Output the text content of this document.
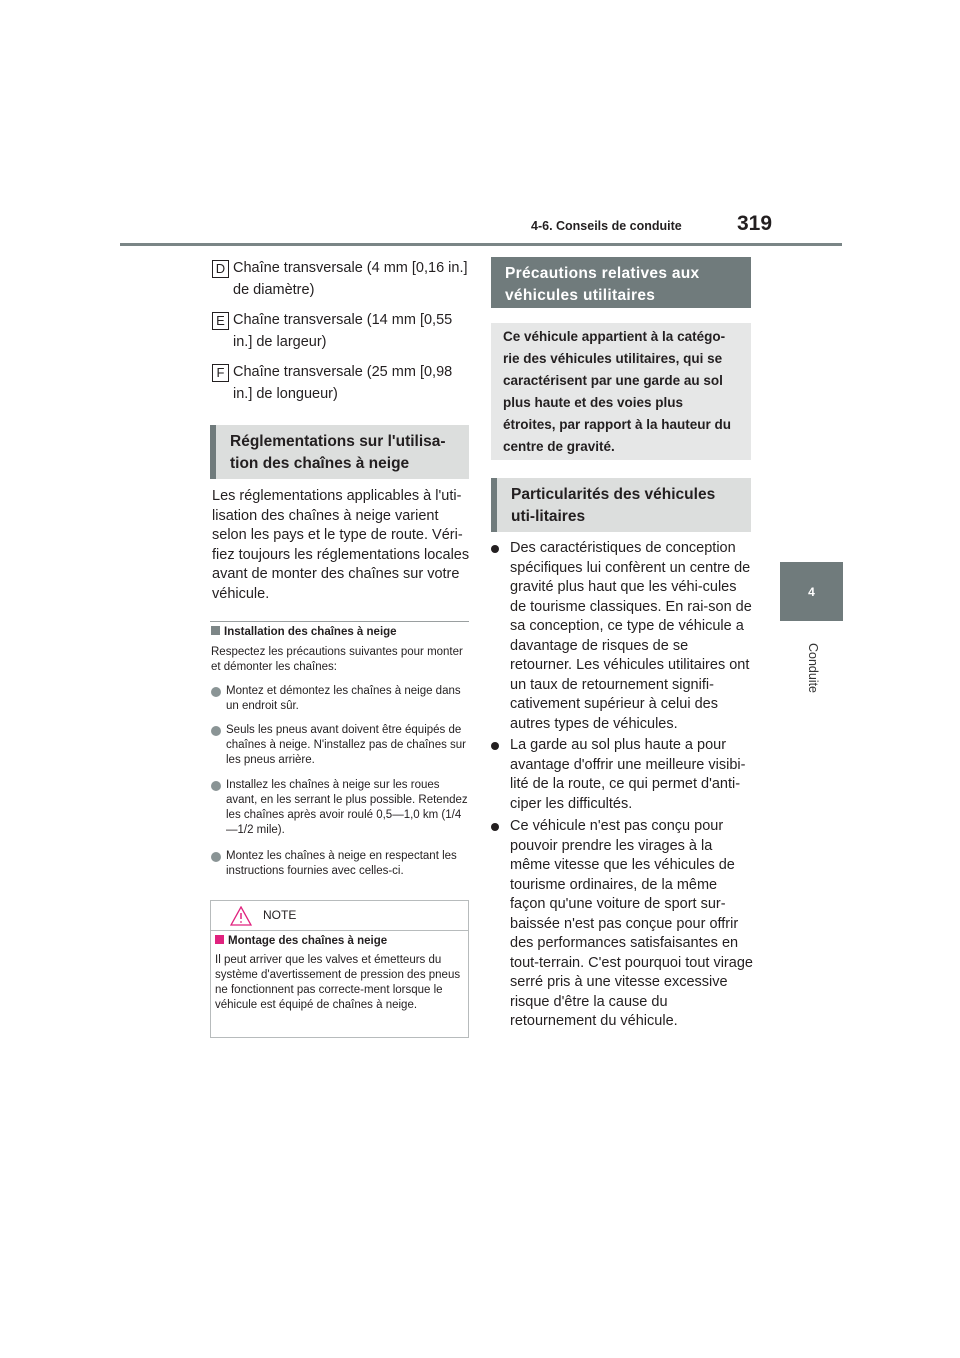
4-6. Conseils de conduite	319
4
Conduite
D Chaîne transversale (4 mm [0,16 in.] de diamètre)
E Chaîne transversale (14 mm [0,55 in.] de largeur)
F Chaîne transversale (25 mm [0,98 in.] de longueur)
Réglementations sur l'utilisa-tion des chaînes à neige
Les réglementations applicables à l'uti-lisation des chaînes à neige varient selon les pays et le type de route. Véri-fiez toujours les réglementations locales avant de monter des chaînes sur votre véhicule.
Installation des chaînes à neige
Respectez les précautions suivantes pour monter et démonter les chaînes:
Montez et démontez les chaînes à neige dans un endroit sûr.
Seuls les pneus avant doivent être équipés de chaînes à neige. N'installez pas de chaînes sur les pneus arrière.
Installez les chaînes à neige sur les roues avant, en les serrant le plus possible. Retendez les chaînes après avoir roulé 0,5—1,0 km (1/4—1/2 mile).
Montez les chaînes à neige en respectant les instructions fournies avec celles-ci.
NOTE
Montage des chaînes à neige
Il peut arriver que les valves et émetteurs du système d'avertissement de pression des pneus ne fonctionnent pas correcte-ment lorsque le véhicule est équipé de chaînes à neige.
Précautions relatives aux véhicules utilitaires
Ce véhicule appartient à la catégo-rie des véhicules utilitaires, qui se caractérisent par une garde au sol plus haute et des voies plus étroites, par rapport à la hauteur du centre de gravité.
Particularités des véhicules uti-litaires
Des caractéristiques de conception spécifiques lui confèrent un centre de gravité plus haut que les véhi-cules de tourisme classiques. En rai-son de sa conception, ce type de véhicule a davantage de risques de se retourner. Les véhicules utilitaires ont un taux de retournement signifi-cativement supérieur à celui des autres types de véhicules.
La garde au sol plus haute a pour avantage d'offrir une meilleure visibi-lité de la route, ce qui permet d'anti-ciper les difficultés.
Ce véhicule n'est pas conçu pour pouvoir prendre les virages à la même vitesse que les véhicules de tourisme ordinaires, de la même façon qu'une voiture de sport sur-baissée n'est pas conçue pour offrir des performances satisfaisantes en tout-terrain. C'est pourquoi tout virage serré pris à une vitesse excessive risque d'être la cause du retournement du véhicule.
